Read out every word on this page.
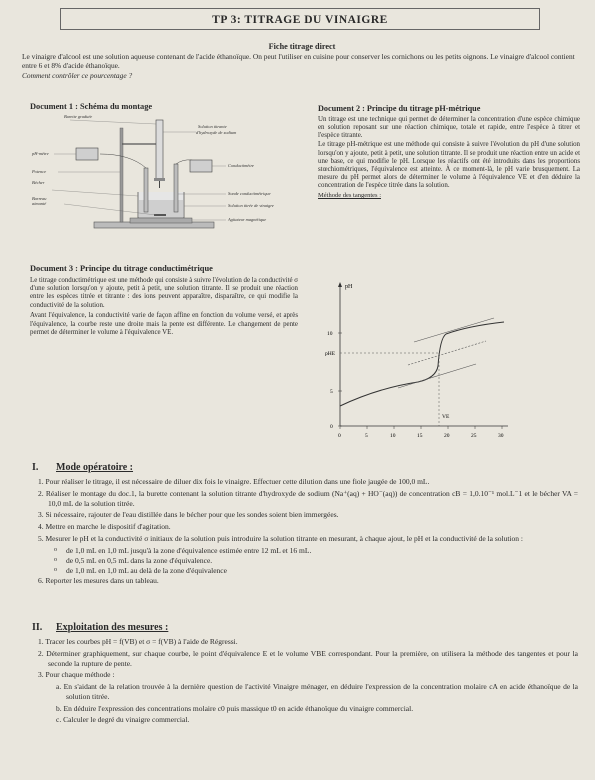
TP 3: TITRAGE DU VINAIGRE
Fiche titrage direct

Le vinaigre d'alcool est une solution aqueuse contenant de l'acide éthanoïque. On peut l'utiliser en cuisine pour conserver les cornichons ou les petits oignons. Le vinaigre d'alcool contient entre 6 et 8% d'acide éthanoïque.

Comment contrôler ce pourcentage ?

Document 1 : Schéma du montage
Burette graduée
Solution titrante
d'hydroxyde de sodium
pH-mètre
Potence
Conductimètre
Bécher
Barreau
aimanté
Sonde conductimétrique
Solution titrée de vinaigre
Agitateur magnétique
Document 2 : Principe du titrage pH-métrique

Un titrage est une technique qui permet de déterminer la concentration d'une espèce chimique en solution reposant sur une réaction chimique, totale et rapide, entre l'espèce à titrer et l'espèce titrante.

Le titrage pH-métrique est une méthode qui consiste à suivre l'évolution du pH d'une solution lorsqu'on y ajoute, petit à petit, une solution titrante. Il se produit une réaction entre un acide et une base, ce qui modifie le pH. Lorsque les réactifs ont été introduits dans les proportions stœchiométriques, l'équivalence est atteinte. À ce moment-là, le pH varie brusquement. La mesure du pH permet alors de déterminer le volume à l'équivalence VE et d'en déduire la concentration de l'espèce titrée dans la solution.

Méthode des tangentes :
pH
0
5
10
pHE
VE
0	5	10	15	20	25	30
Document 3 : Principe du titrage conductimétrique

Le titrage conductimétrique est une méthode qui consiste à suivre l'évolution de la conductivité σ d'une solution lorsqu'on y ajoute, petit à petit, une solution titrante. Il se produit une réaction entre les espèces titrée et titrante : des ions peuvent apparaître, disparaître, ce qui modifie la conductivité de la solution.

Avant l'équivalence, la conductivité varie de façon affine en fonction du volume versé, et après l'équivalence, la courbe reste une droite mais la pente est différente. Le changement de pente permet de déterminer le volume à l'équivalence VE.

I. Mode opératoire :
1. Pour réaliser le titrage, il est nécessaire de diluer dix fois le vinaigre. Effectuer cette dilution dans une fiole jaugée de 100,0 mL.
2. Réaliser le montage du doc.1, la burette contenant la solution titrante d'hydroxyde de sodium (Na⁺(aq) + HO⁻(aq)) de concentration cB = 1,0.10⁻¹ mol.L⁻1 et le bécher VA = 10,0 mL de la solution titrée.
3. Si nécessaire, rajouter de l'eau distillée dans le bécher pour que les sondes soient bien immergées.
4. Mettre en marche le dispositif d'agitation.
5. Mesurer le pH et la conductivité σ initiaux de la solution puis introduire la solution titrante en mesurant, à chaque ajout, le pH et la conductivité de la solution :
o de 1,0 mL en 1,0 mL jusqu'à la zone d'équivalence estimée entre 12 mL et 16 mL.
o de 0,5 mL en 0,5 mL dans la zone d'équivalence.
o de 1,0 mL en 1,0 mL au delà de la zone d'équivalence
6. Reporter les mesures dans un tableau.
II. Exploitation des mesures :
1. Tracer les courbes pH = f(VB) et σ = f(VB) à l'aide de Régressi.
2. Déterminer graphiquement, sur chaque courbe, le point d'équivalence E et le volume VBE correspondant. Pour la première, on utilisera la méthode des tangentes et pour la seconde la rupture de pente.
3. Pour chaque méthode :
a. En s'aidant de la relation trouvée à la dernière question de l'activité Vinaigre ménager, en déduire l'expression de la concentration molaire cA en acide éthanoïque de la solution titrée.
b. En déduire l'expression des concentrations molaire c0 puis massique t0 en acide éthanoïque du vinaigre commercial.
c. Calculer le degré du vinaigre commercial.
